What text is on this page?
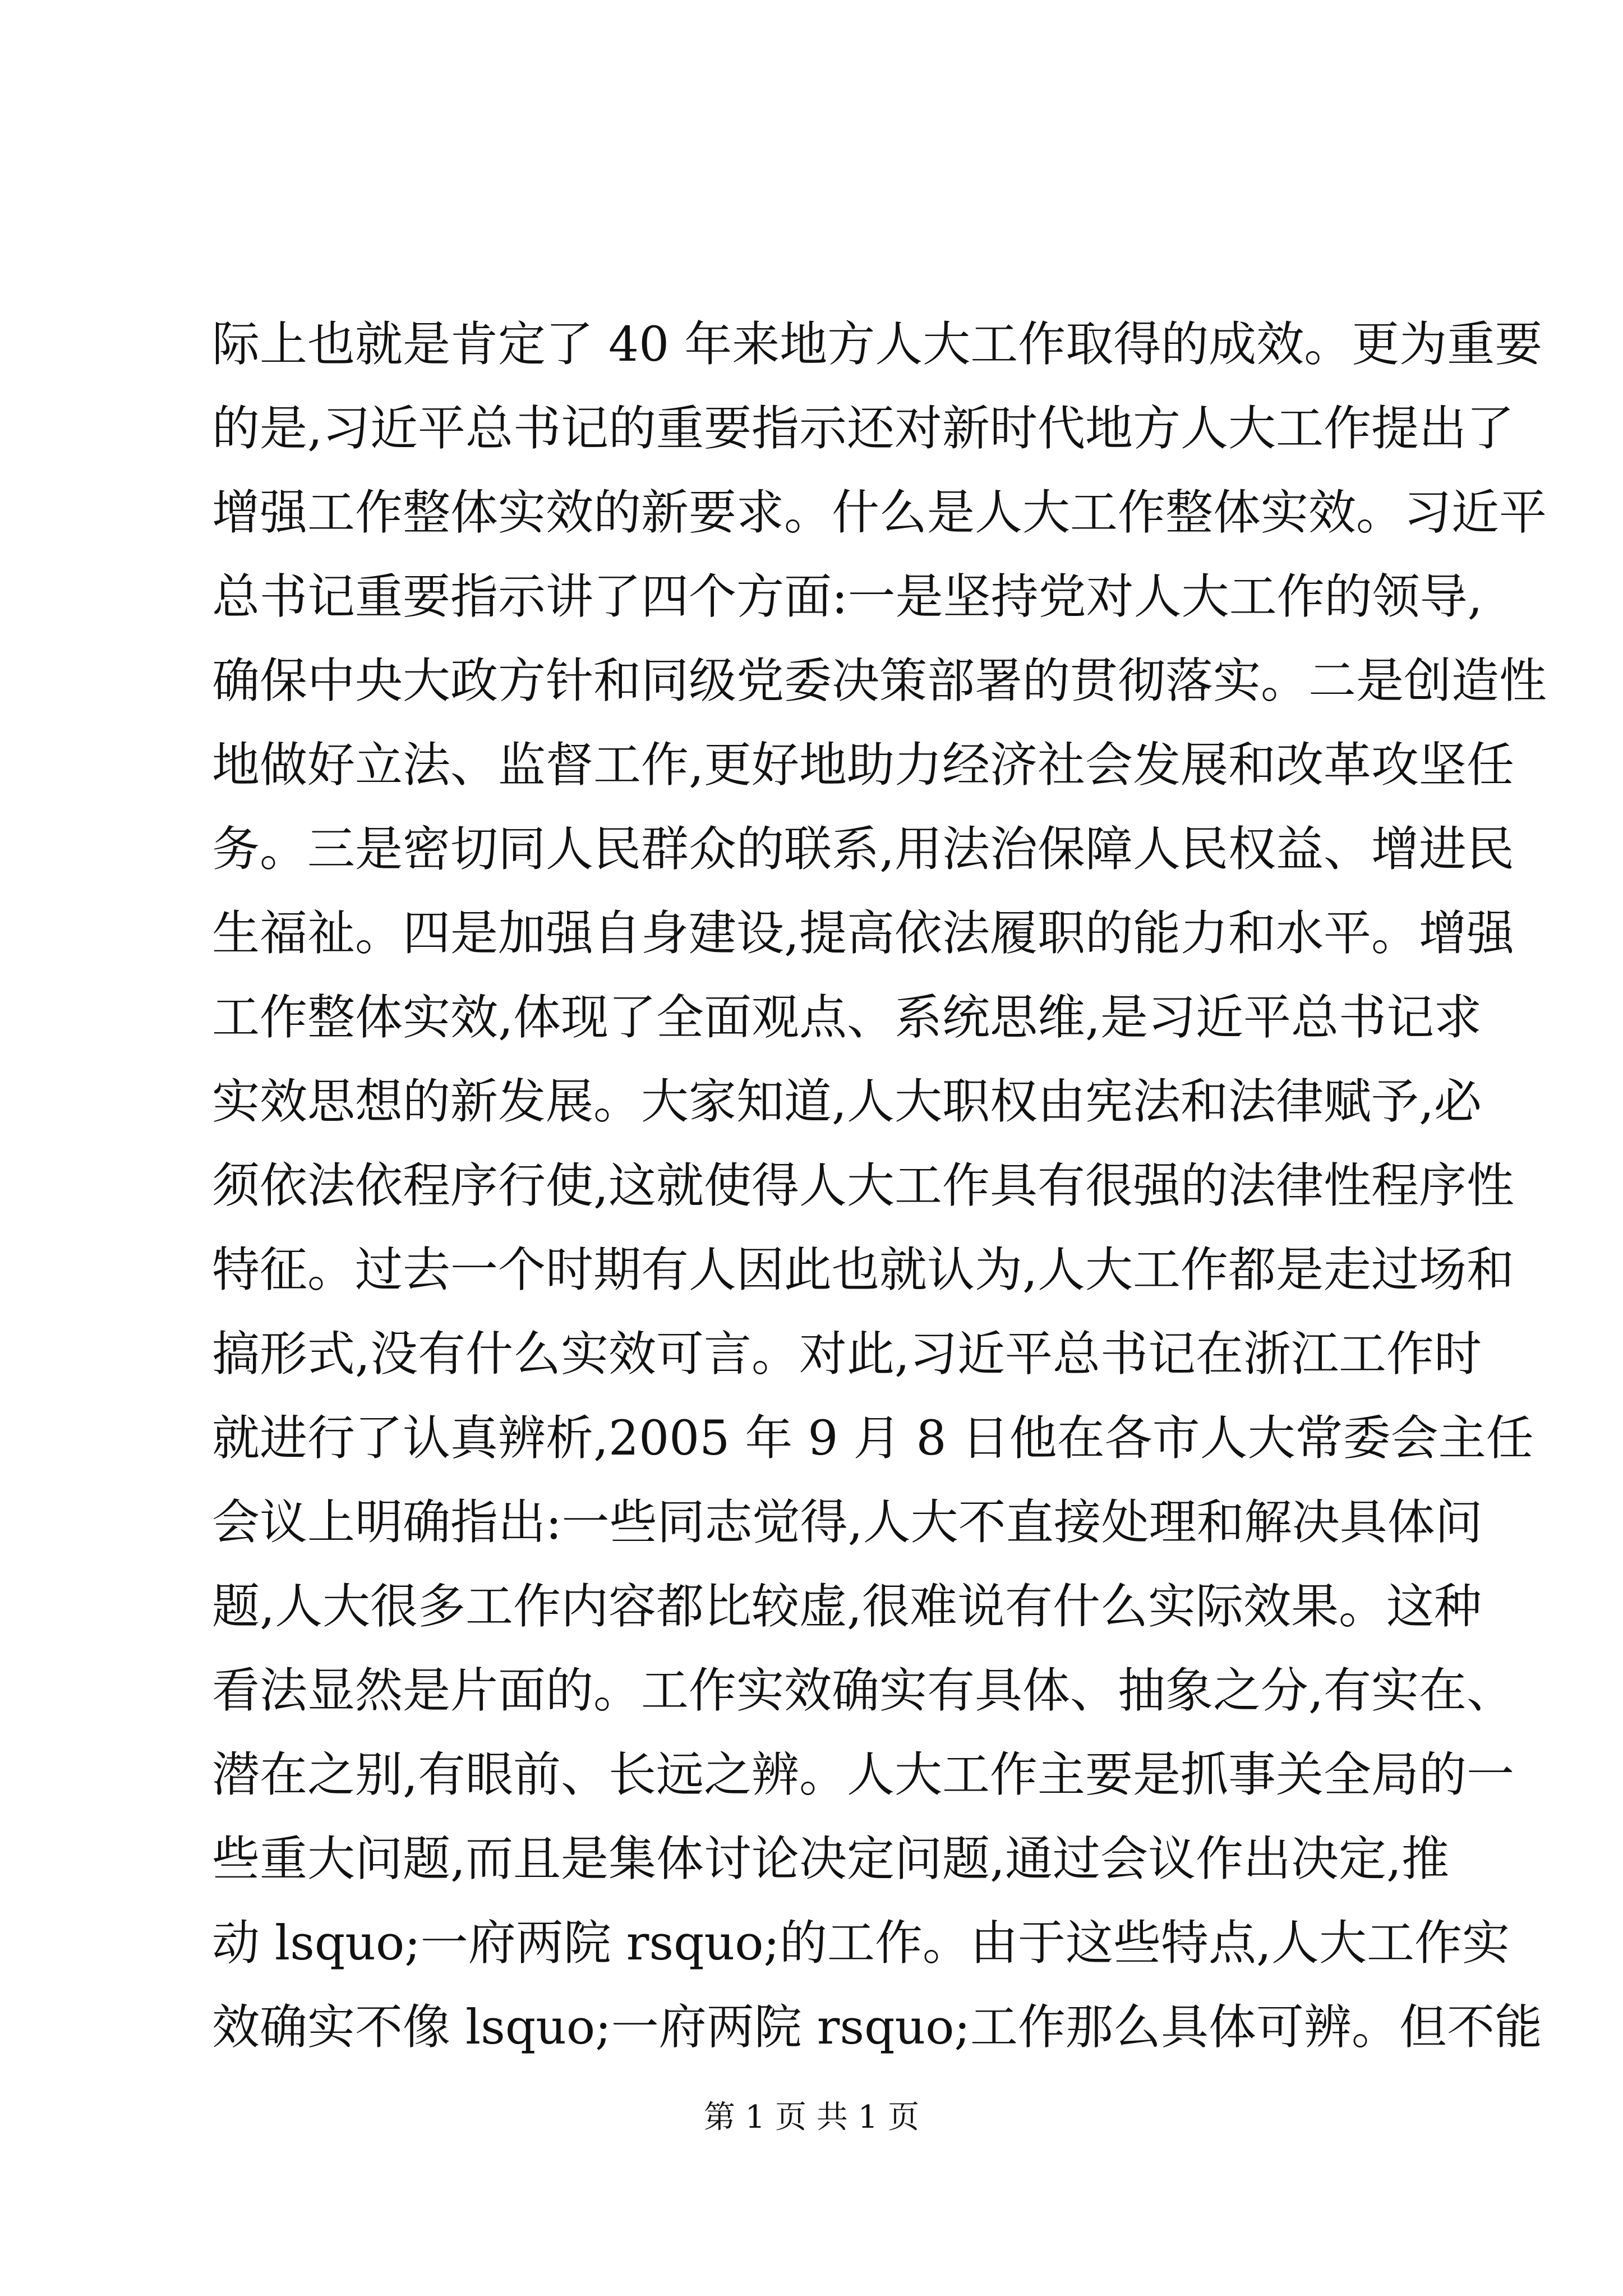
际上也就是肯定了 40 年来地方人大工作取得的成效。更为重要
的是,习近平总书记的重要指示还对新时代地方人大工作提出了
增强工作整体实效的新要求。什么是人大工作整体实效。习近平
总书记重要指示讲了四个方面:一是坚持党对人大工作的领导,
确保中央大政方针和同级党委决策部署的贯彻落实。二是创造性
地做好立法、监督工作,更好地助力经济社会发展和改革攻坚任
务。三是密切同人民群众的联系,用法治保障人民权益、增进民
生福祉。四是加强自身建设,提高依法履职的能力和水平。增强
工作整体实效,体现了全面观点、系统思维,是习近平总书记求
实效思想的新发展。大家知道,人大职权由宪法和法律赋予,必
须依法依程序行使,这就使得人大工作具有很强的法律性程序性
特征。过去一个时期有人因此也就认为,人大工作都是走过场和
搞形式,没有什么实效可言。对此,习近平总书记在浙江工作时
就进行了认真辨析,2005 年 9 月 8 日他在各市人大常委会主任
会议上明确指出:一些同志觉得,人大不直接处理和解决具体问
题,人大很多工作内容都比较虚,很难说有什么实际效果。这种
看法显然是片面的。工作实效确实有具体、抽象之分,有实在、
潜在之别,有眼前、长远之辨。人大工作主要是抓事关全局的一
些重大问题,而且是集体讨论决定问题,通过会议作出决定,推
动 lsquo;一府两院 rsquo;的工作。由于这些特点,人大工作实
效确实不像 lsquo;一府两院 rsquo;工作那么具体可辨。但不能
第 1 页 共 1 页
